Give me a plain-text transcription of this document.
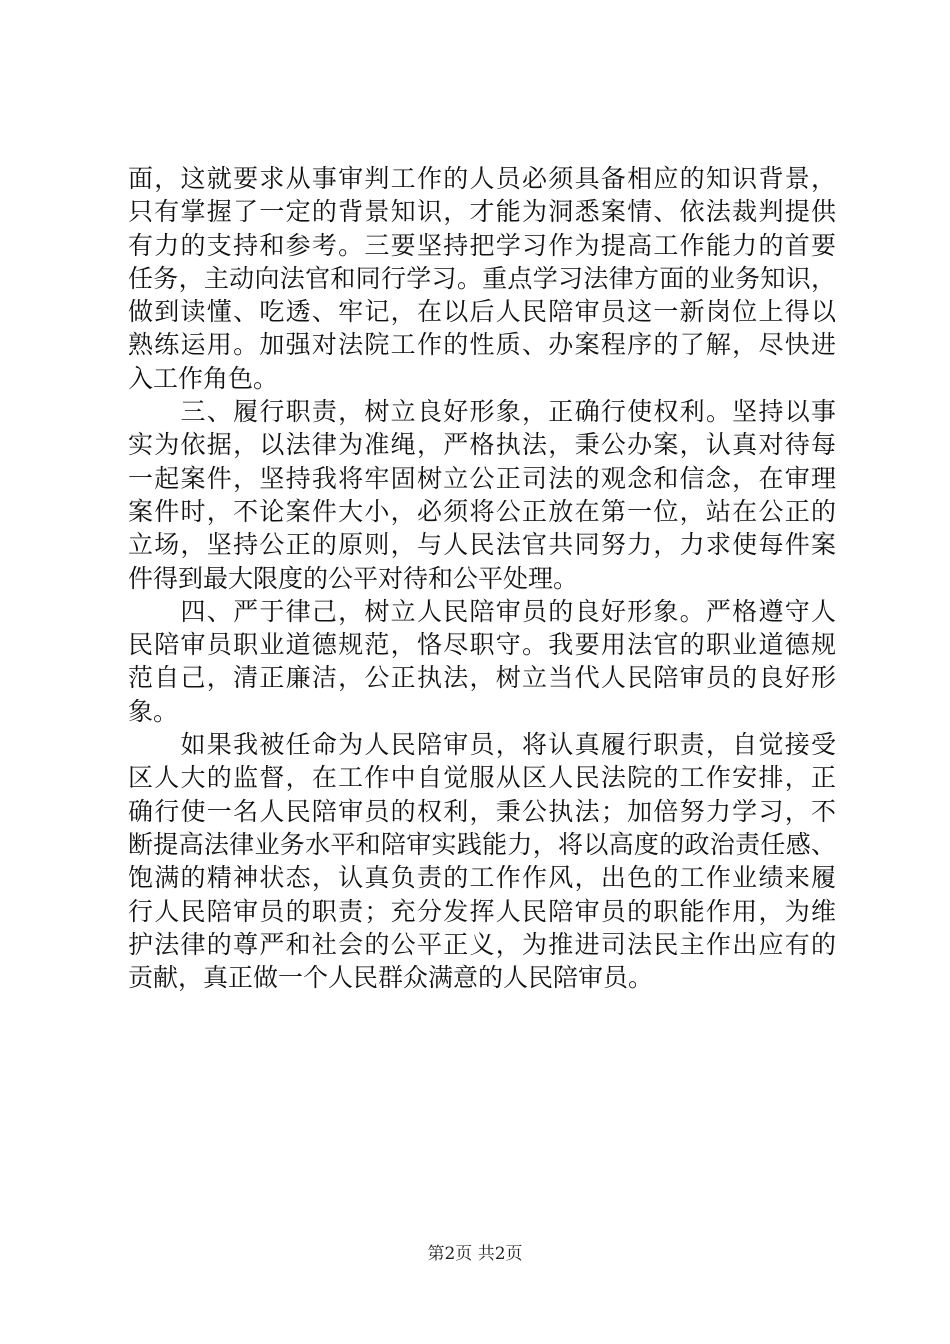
面，这就要求从事审判工作的人员必须具备相应的知识背景，
只有掌握了一定的背景知识，才能为洞悉案情、依法裁判提供
有力的支持和参考。三要坚持把学习作为提高工作能力的首要
任务，主动向法官和同行学习。重点学习法律方面的业务知识，
做到读懂、吃透、牢记，在以后人民陪审员这一新岗位上得以
熟练运用。加强对法院工作的性质、办案程序的了解，尽快进
入工作角色。
　　三、履行职责，树立良好形象，正确行使权利。坚持以事
实为依据，以法律为准绳，严格执法，秉公办案，认真对待每
一起案件，坚持我将牢固树立公正司法的观念和信念，在审理
案件时，不论案件大小，必须将公正放在第一位，站在公正的
立场，坚持公正的原则，与人民法官共同努力，力求使每件案
件得到最大限度的公平对待和公平处理。
　　四、严于律己，树立人民陪审员的良好形象。严格遵守人
民陪审员职业道德规范，恪尽职守。我要用法官的职业道德规
范自己，清正廉洁，公正执法，树立当代人民陪审员的良好形
象。
　　如果我被任命为人民陪审员，将认真履行职责，自觉接受
区人大的监督，在工作中自觉服从区人民法院的工作安排，正
确行使一名人民陪审员的权利，秉公执法；加倍努力学习，不
断提高法律业务水平和陪审实践能力，将以高度的政治责任感、
饱满的精神状态，认真负责的工作作风，出色的工作业绩来履
行人民陪审员的职责；充分发挥人民陪审员的职能作用，为维
护法律的尊严和社会的公平正义，为推进司法民主作出应有的
贡献，真正做一个人民群众满意的人民陪审员。
第2页 共2页
